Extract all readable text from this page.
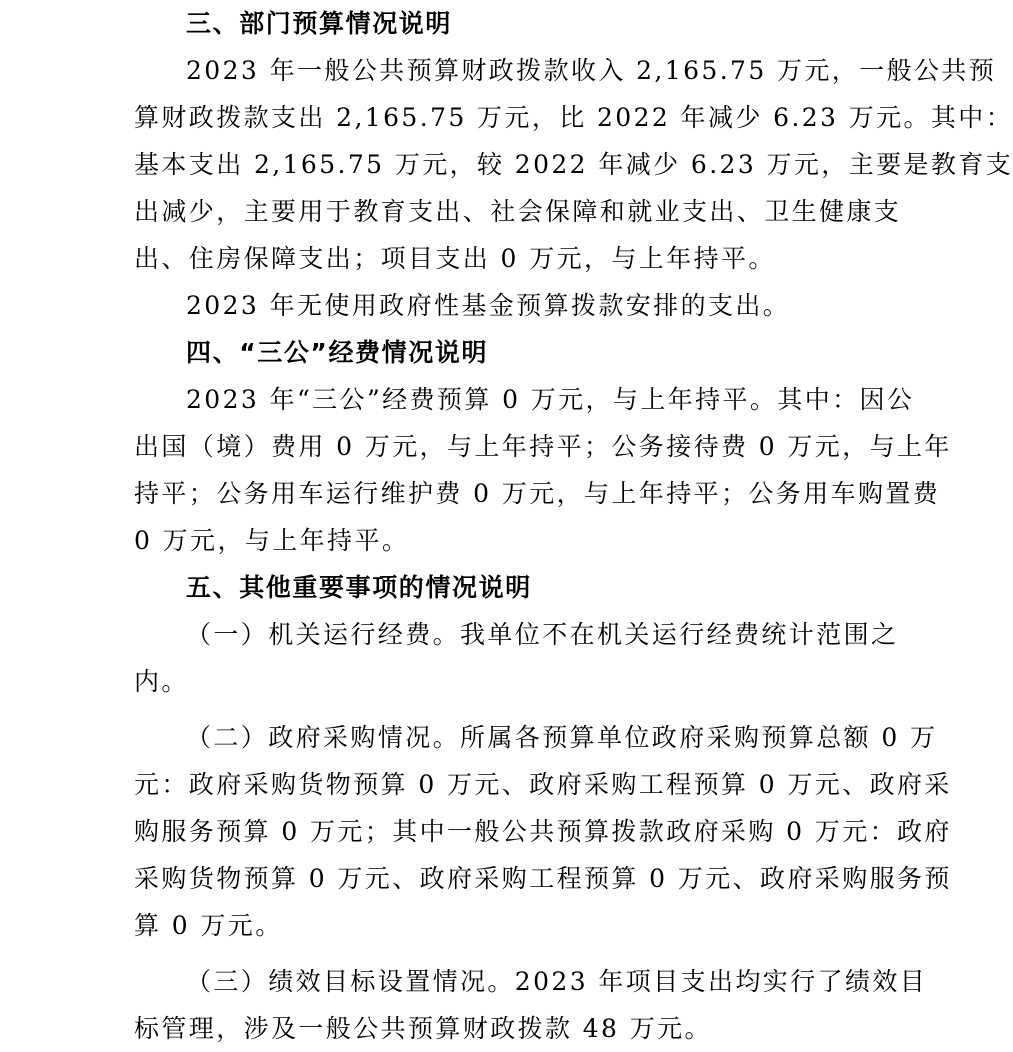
三、部门预算情况说明
2023 年一般公共预算财政拨款收入 2,165.75 万元，一般公共预
算财政拨款支出 2,165.75 万元，比 2022 年减少 6.23 万元。其中：
基本支出 2,165.75 万元，较 2022 年减少 6.23 万元，主要是教育支
出减少，主要用于教育支出、社会保障和就业支出、卫生健康支
出、住房保障支出；项目支出 0 万元，与上年持平。
2023 年无使用政府性基金预算拨款安排的支出。
四、“三公”经费情况说明
2023 年“三公”经费预算 0 万元，与上年持平。其中：因公
出国（境）费用 0 万元，与上年持平；公务接待费 0 万元，与上年
持平；公务用车运行维护费 0 万元，与上年持平；公务用车购置费
0 万元，与上年持平。
五、其他重要事项的情况说明
（一）机关运行经费。我单位不在机关运行经费统计范围之
内。
（二）政府采购情况。所属各预算单位政府采购预算总额 0 万
元：政府采购货物预算 0 万元、政府采购工程预算 0 万元、政府采
购服务预算 0 万元；其中一般公共预算拨款政府采购 0 万元：政府
采购货物预算 0 万元、政府采购工程预算 0 万元、政府采购服务预
算 0 万元。
（三）绩效目标设置情况。2023 年项目支出均实行了绩效目
标管理，涉及一般公共预算财政拨款 48 万元。
